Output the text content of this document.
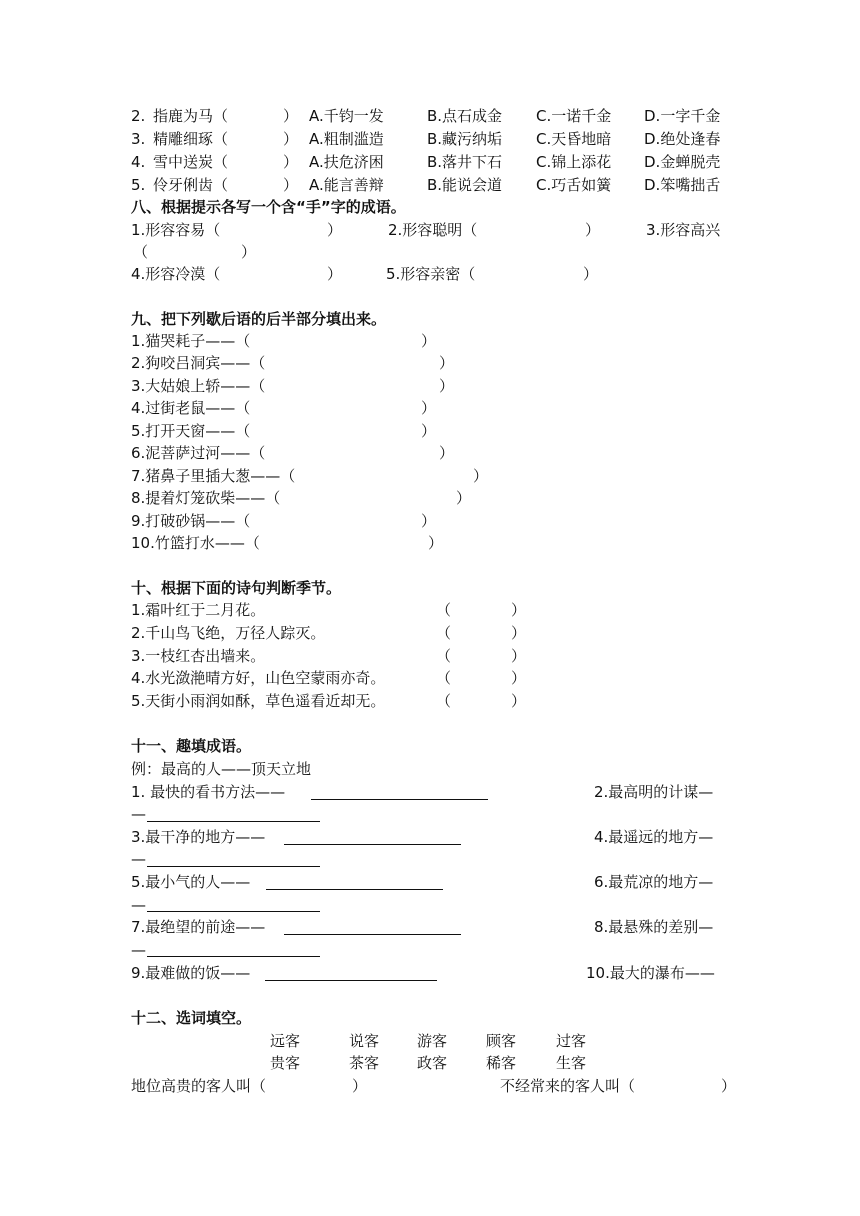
2. 指鹿为马（	） A.千钧一发	B.点石成金 C.一诺千金 D.一字千金
3. 精雕细琢（	） A.粗制滥造	B.藏污纳垢 C.天昏地暗 D.绝处逢春
4. 雪中送炭（	） A.扶危济困	B.落井下石 C.锦上添花 D.金蝉脱壳
5. 伶牙俐齿（	） A.能言善辩	B.能说会道 C.巧舌如簧 D.笨嘴拙舌
八、根据提示各写一个含“手”字的成语。
1.形容容易（	）	2.形容聪明（	）	3.形容高兴
（	）
4.形容冷漠（	）	5.形容亲密（	）
九、把下列歇后语的后半部分填出来。
1.猫哭耗子——（	）
2.狗咬吕洞宾——（	）
3.大姑娘上轿——（	）
4.过街老鼠——（	）
5.打开天窗——（	）
6.泥菩萨过河——（	）
7.猪鼻子里插大葱——（	）
8.提着灯笼砍柴——（	）
9.打破砂锅——（	）
10.竹篮打水——（	）
十、根据下面的诗句判断季节。
1.霜叶红于二月花。	（　　　　）
2.千山鸟飞绝，万径人踪灭。	（　　　　）
3.一枝红杏出墙来。	（　　　　）
4.水光潋滟晴方好，山色空蒙雨亦奇。	（　　　　）
5.天街小雨润如酥，草色遥看近却无。	（　　　　）
十一、趣填成语。
例：最高的人——顶天立地
1. 最快的看书方法——	2.最高明的计谋—
—
3.最干净的地方——	4.最遥远的地方—
—
5.最小气的人——	6.最荒凉的地方—
—
7.最绝望的前途——	8.最悬殊的差别—
—
9.最难做的饭——	10.最大的瀑布——
十二、选词填空。
远客	说客	游客	顾客	过客
贵客	茶客	政客	稀客	生客
地位高贵的客人叫（	）	不经常来的客人叫（	）
